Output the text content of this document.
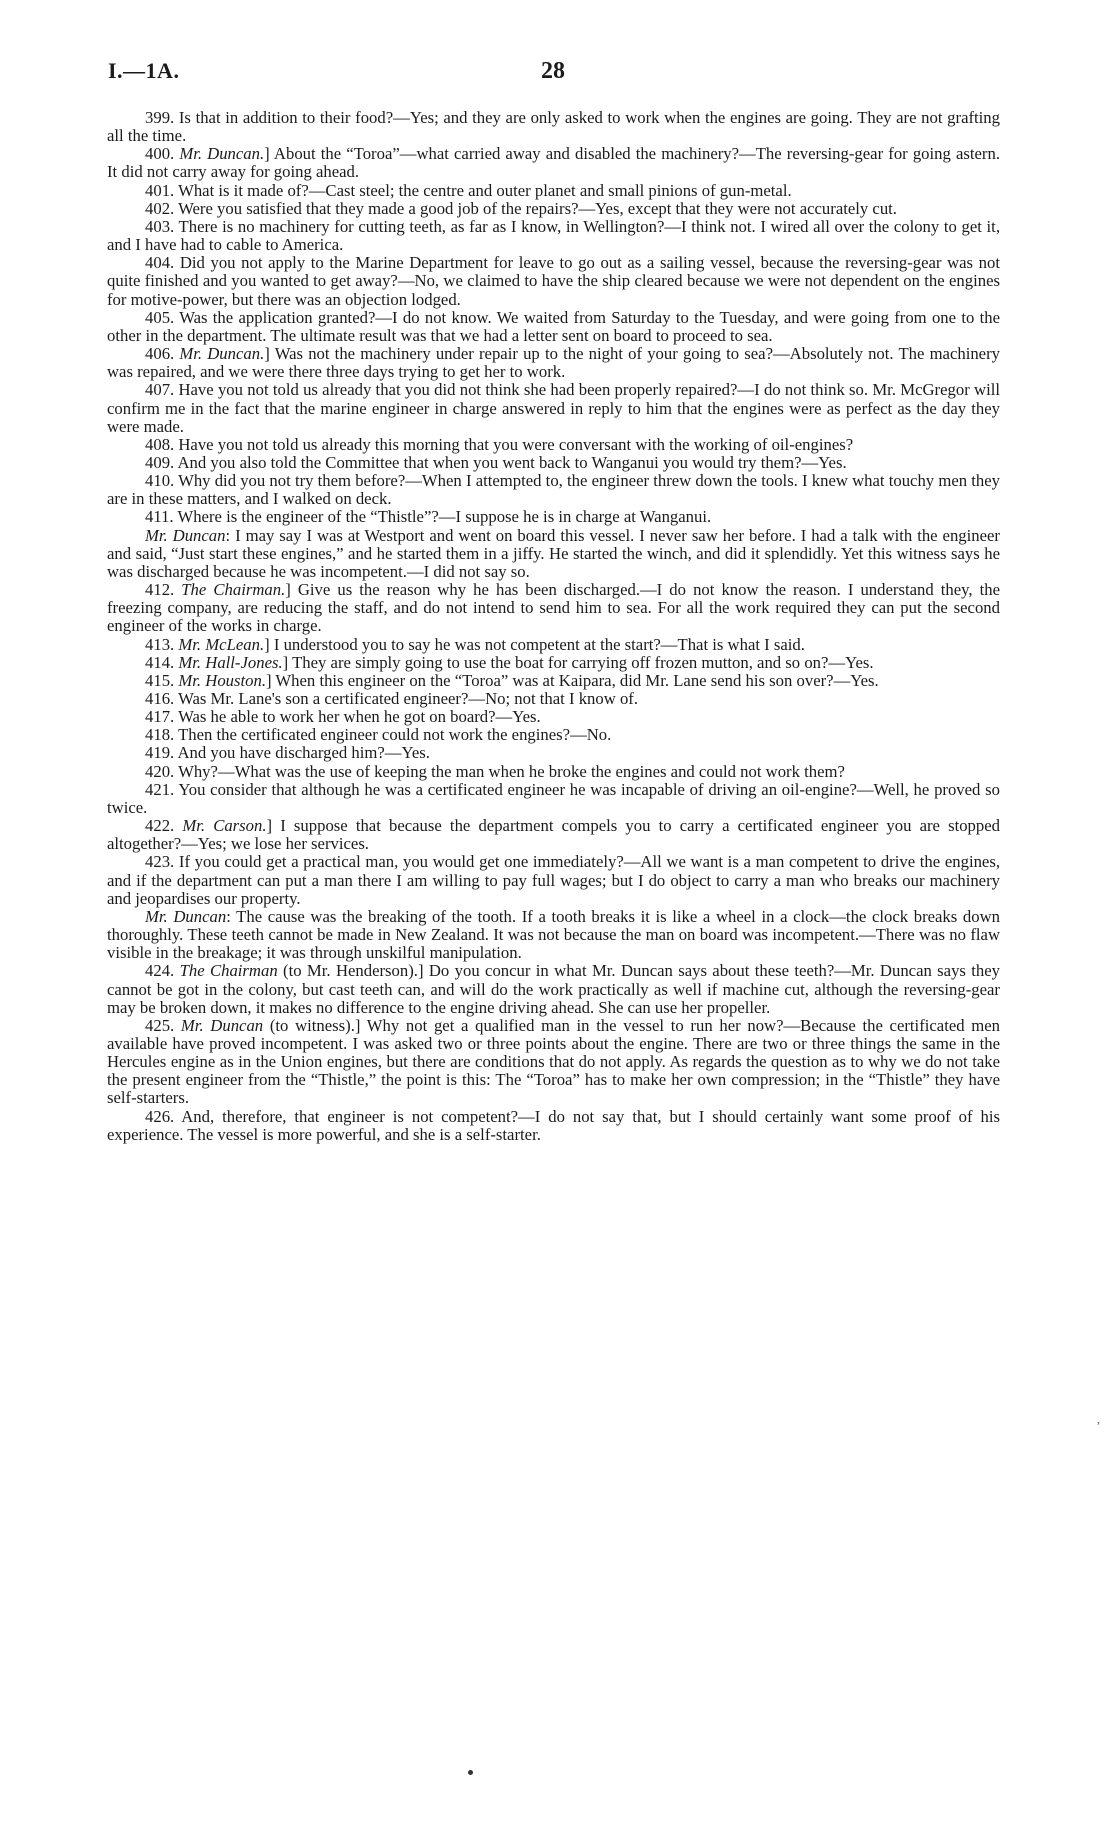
I.—1A.	28

399. Is that in addition to their food?—Yes; and they are only asked to work when the engines are going. They are not grafting all the time.

400. Mr. Duncan.] About the “Toroa”—what carried away and disabled the machinery?—The reversing-gear for going astern. It did not carry away for going ahead.

401. What is it made of?—Cast steel; the centre and outer planet and small pinions of gun-metal.

402. Were you satisfied that they made a good job of the repairs?—Yes, except that they were not accurately cut.

403. There is no machinery for cutting teeth, as far as I know, in Wellington?—I think not. I wired all over the colony to get it, and I have had to cable to America.

404. Did you not apply to the Marine Department for leave to go out as a sailing vessel, because the reversing-gear was not quite finished and you wanted to get away?—No, we claimed to have the ship cleared because we were not dependent on the engines for motive-power, but there was an objection lodged.

405. Was the application granted?—I do not know. We waited from Saturday to the Tuesday, and were going from one to the other in the department. The ultimate result was that we had a letter sent on board to proceed to sea.

406. Mr. Duncan.] Was not the machinery under repair up to the night of your going to sea?—Absolutely not. The machinery was repaired, and we were there three days trying to get her to work.

407. Have you not told us already that you did not think she had been properly repaired?—I do not think so. Mr. McGregor will confirm me in the fact that the marine engineer in charge answered in reply to him that the engines were as perfect as the day they were made.

408. Have you not told us already this morning that you were conversant with the working of oil-engines?

409. And you also told the Committee that when you went back to Wanganui you would try them?—Yes.

410. Why did you not try them before?—When I attempted to, the engineer threw down the tools. I knew what touchy men they are in these matters, and I walked on deck.

411. Where is the engineer of the “Thistle”?—I suppose he is in charge at Wanganui.

Mr. Duncan: I may say I was at Westport and went on board this vessel. I never saw her before. I had a talk with the engineer and said, “Just start these engines,” and he started them in a jiffy. He started the winch, and did it splendidly. Yet this witness says he was discharged because he was incompetent.—I did not say so.

412. The Chairman.] Give us the reason why he has been discharged.—I do not know the reason. I understand they, the freezing company, are reducing the staff, and do not intend to send him to sea. For all the work required they can put the second engineer of the works in charge.

413. Mr. McLean.] I understood you to say he was not competent at the start?—That is what I said.

414. Mr. Hall-Jones.] They are simply going to use the boat for carrying off frozen mutton, and so on?—Yes.

415. Mr. Houston.] When this engineer on the “Toroa” was at Kaipara, did Mr. Lane send his son over?—Yes.

416. Was Mr. Lane's son a certificated engineer?—No; not that I know of.

417. Was he able to work her when he got on board?—Yes.

418. Then the certificated engineer could not work the engines?—No.

419. And you have discharged him?—Yes.

420. Why?—What was the use of keeping the man when he broke the engines and could not work them?

421. You consider that although he was a certificated engineer he was incapable of driving an oil-engine?—Well, he proved so twice.

422. Mr. Carson.] I suppose that because the department compels you to carry a certificated engineer you are stopped altogether?—Yes; we lose her services.

423. If you could get a practical man, you would get one immediately?—All we want is a man competent to drive the engines, and if the department can put a man there I am willing to pay full wages; but I do object to carry a man who breaks our machinery and jeopardises our property.

Mr. Duncan: The cause was the breaking of the tooth. If a tooth breaks it is like a wheel in a clock—the clock breaks down thoroughly. These teeth cannot be made in New Zealand. It was not because the man on board was incompetent.—There was no flaw visible in the breakage; it was through unskilful manipulation.

424. The Chairman (to Mr. Henderson).] Do you concur in what Mr. Duncan says about these teeth?—Mr. Duncan says they cannot be got in the colony, but cast teeth can, and will do the work practically as well if machine cut, although the reversing-gear may be broken down, it makes no difference to the engine driving ahead. She can use her propeller.

425. Mr. Duncan (to witness).] Why not get a qualified man in the vessel to run her now?—Because the certificated men available have proved incompetent. I was asked two or three points about the engine. There are two or three things the same in the Hercules engine as in the Union engines, but there are conditions that do not apply. As regards the question as to why we do not take the present engineer from the “Thistle,” the point is this: The “Toroa” has to make her own compression; in the “Thistle” they have self-starters.

426. And, therefore, that engineer is not competent?—I do not say that, but I should certainly want some proof of his experience. The vessel is more powerful, and she is a self-starter.

,
